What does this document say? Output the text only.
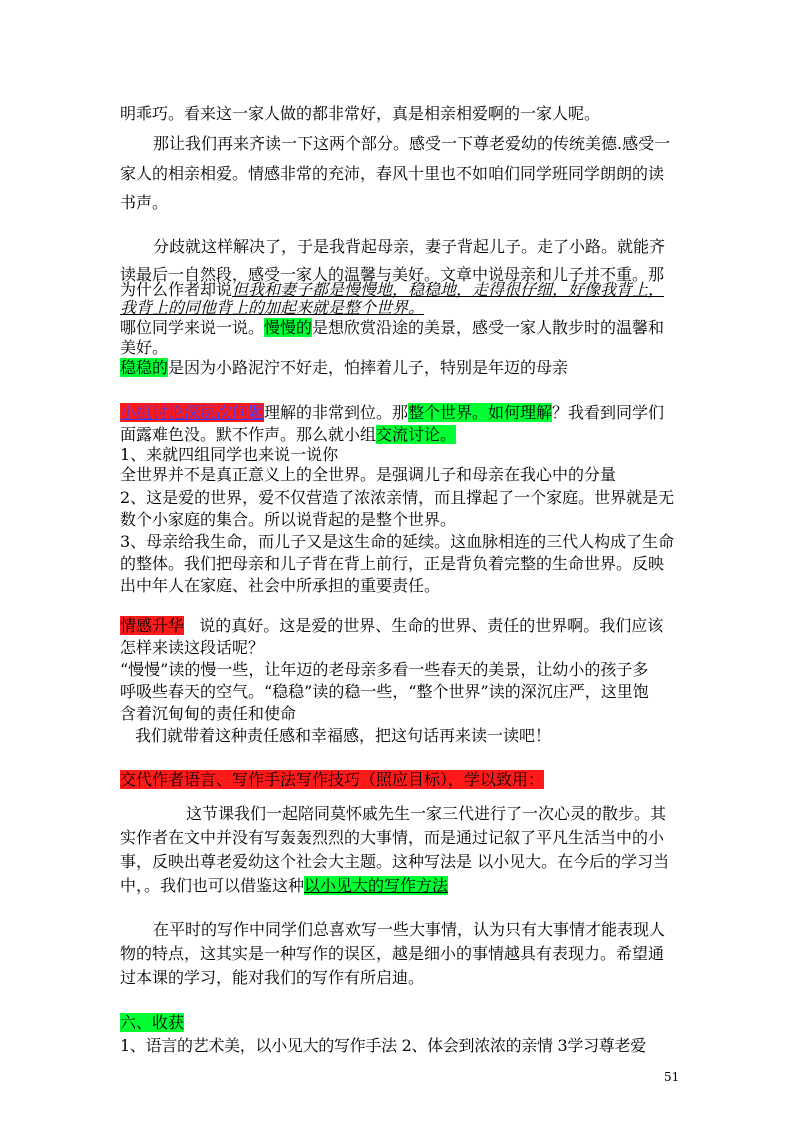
明乖巧。看来这一家人做的都非常好，真是相亲相爱啊的一家人呢。
那让我们再来齐读一下这两个部分。感受一下尊老爱幼的传统美德.感受一
家人的相亲相爱。情感非常的充沛，春风十里也不如咱们同学班同学朗朗的读
书声。
分歧就这样解决了，于是我背起母亲，妻子背起儿子。走了小路。就能齐
读最后一自然段，感受一家人的温馨与美好。文章中说母亲和儿子并不重。那
为什么作者却说但我和妻子都是慢慢地，稳稳地，走得很仔细，好像我背上，
我背上的同他背上的加起来就是整个世界。
哪位同学来说一说。慢慢的是想欣赏沿途的美景，感受一家人散步时的温馨和
美好。
稳稳的是因为小路泥泞不好走，怕摔着儿子，特别是年迈的母亲
小组讨论深层次问题理解的非常到位。那整个世界。如何理解？我看到同学们
面露难色没。默不作声。那么就小组交流讨论。
1、来就四组同学也来说一说你
全世界并不是真正意义上的全世界。是强调儿子和母亲在我心中的分量
2、这是爱的世界，爱不仅营造了浓浓亲情，而且撑起了一个家庭。世界就是无
数个小家庭的集合。所以说背起的是整个世界。
3、母亲给我生命，而儿子又是这生命的延续。这血脉相连的三代人构成了生命
的整体。我们把母亲和儿子背在背上前行，正是背负着完整的生命世界。反映
出中年人在家庭、社会中所承担的重要责任。
情感升华   说的真好。这是爱的世界、生命的世界、责任的世界啊。我们应该
怎样来读这段话呢？
“慢慢”读的慢一些，让年迈的老母亲多看一些春天的美景，让幼小的孩子多
呼吸些春天的空气。“稳稳”读的稳一些，“整个世界”读的深沉庄严，这里饱
含着沉甸甸的责任和使命
我们就带着这种责任感和幸福感，把这句话再来读一读吧！
交代作者语言、写作手法写作技巧（照应目标），学以致用：
这节课我们一起陪同莫怀戚先生一家三代进行了一次心灵的散步。其
实作者在文中并没有写轰轰烈烈的大事情，而是通过记叙了平凡生活当中的小
事，反映出尊老爱幼这个社会大主题。这种写法是 以小见大。在今后的学习当
中，。我们也可以借鉴这种以小见大的写作方法
在平时的写作中同学们总喜欢写一些大事情，认为只有大事情才能表现人
物的特点，这其实是一种写作的误区，越是细小的事情越具有表现力。希望通
过本课的学习，能对我们的写作有所启迪。
六、收获
1、语言的艺术美，以小见大的写作手法 2、体会到浓浓的亲情 3学习尊老爱
51
